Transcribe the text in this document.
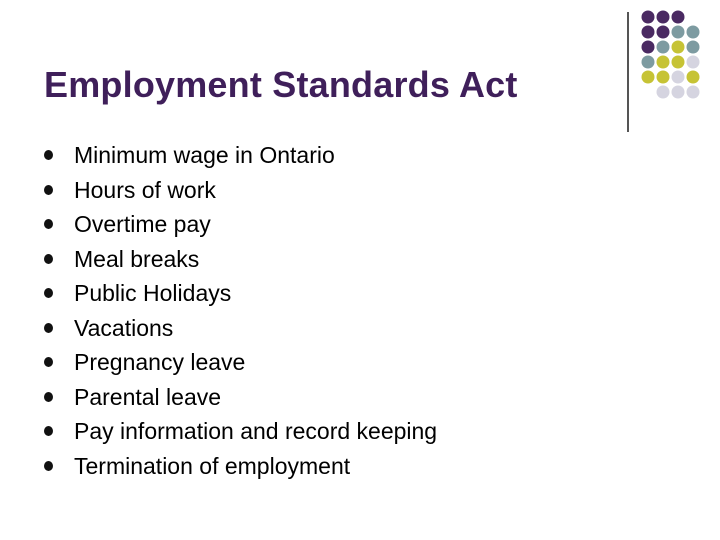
Employment Standards Act
Minimum wage in Ontario
Hours of work
Overtime pay
Meal breaks
Public Holidays
Vacations
Pregnancy leave
Parental leave
Pay information and record keeping
Termination of employment
